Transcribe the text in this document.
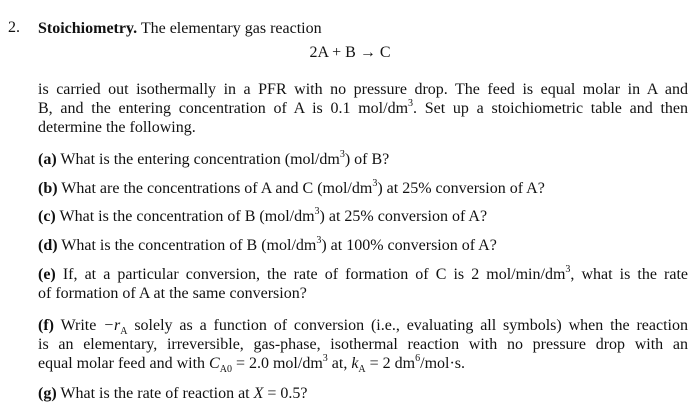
2. Stoichiometry. The elementary gas reaction
2A + B → C
is carried out isothermally in a PFR with no pressure drop. The feed is equal molar in A and
B, and the entering concentration of A is 0.1 mol/$dm^3$. Set up a stoichiometric table and then
determine the following.
(a) What is the entering concentration $(mol/dm^3)$ of B?
(b) What are the concentrations of A and C $(mol/dm^3)$ at 25% conversion of A?
(c) What is the concentration of B $(mol/dm^3)$ at 25% conversion of A?
(d) What is the concentration of B $(mol/dm^3)$ at 100% conversion of A?
(e) If, at a particular conversion, the rate of formation of C is 2 mol/$\min/dm^3$, what is the rate
of formation of A at the same conversion?
(f) Write $-r_A$ solely as a function of conversion (i.e., evaluating all symbols) when the reaction
is an elementary, irreversible, gas-phase, isothermal reaction with no pressure drop with an
equal molar feed and with $C_{A0} = 2.0$ mol/$dm^3$ at, $k_A = 2$ $dm^6/mol\cdot s$.
(g) What is the rate of reaction at X = 0.5?
